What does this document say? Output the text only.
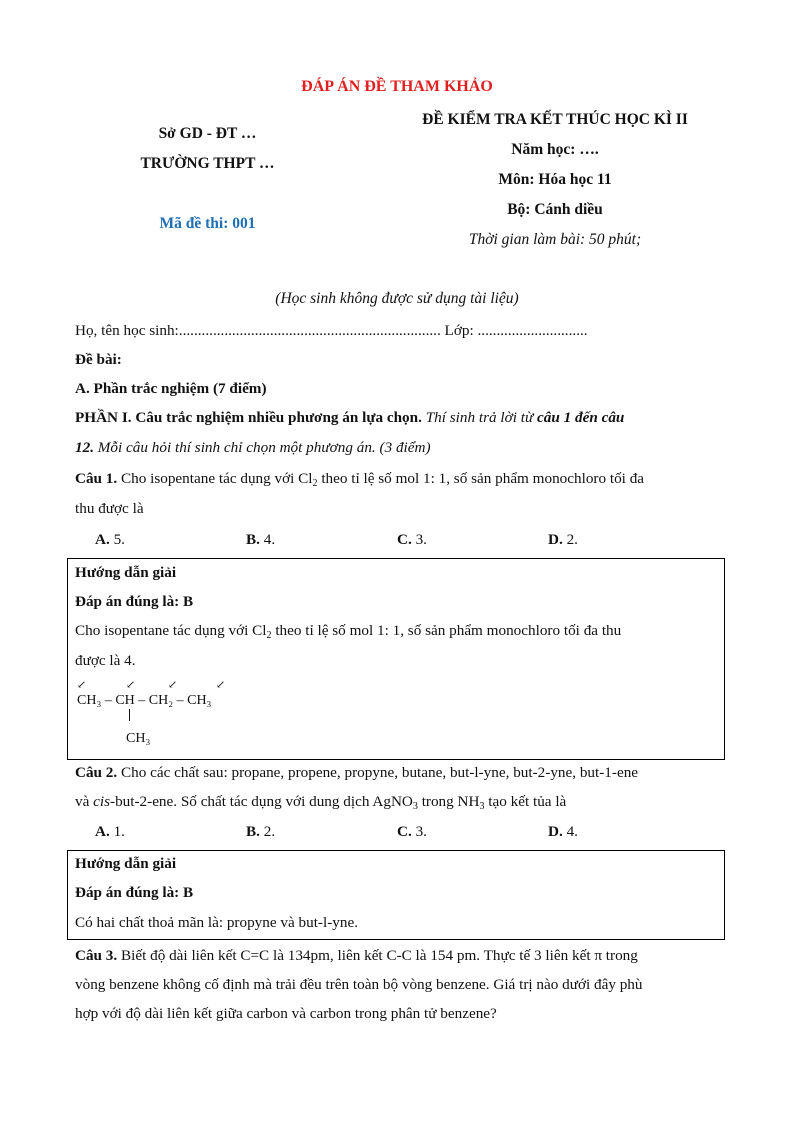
ĐÁP ÁN ĐỀ THAM KHẢO
Sở GD - ĐT …
TRƯỜNG THPT …
Mã đề thi: 001
ĐỀ KIỂM TRA KẾT THÚC HỌC KÌ II
Năm học: ….
Môn: Hóa học 11
Bộ: Cánh diều
Thời gian làm bài: 50 phút;
(Học sinh không được sử dụng tài liệu)
Họ, tên học sinh:..................................................................... Lớp: .............................
Đề bài:
A. Phần trắc nghiệm (7 điểm)
PHẦN I. Câu trắc nghiệm nhiều phương án lựa chọn. Thí sinh trả lời từ câu 1 đến câu
12. Mỗi câu hỏi thí sinh chỉ chọn một phương án. (3 điểm)
Câu 1. Cho isopentane tác dụng với $Cl_2$ theo tỉ lệ số mol 1: 1, số sản phẩm monochloro tối đa
thu được là
A. 5.	B. 4.	C. 3.	D. 2.
Hướng dẫn giải
Đáp án đúng là: B
Cho isopentane tác dụng với $Cl_2$ theo tỉ lệ số mol 1: 1, số sản phẩm monochloro tối đa thu
được là 4.
↙	↙	↙	↙
CH₃ – CH – CH₂ – CH₃
CH₃
Câu 2. Cho các chất sau: propane, propene, propyne, butane, but-l-yne, but-2-yne, but-1-ene
và cis-but-2-ene. Số chất tác dụng với dung dịch AgNO$_3$ trong $NH_3$ tạo kết tủa là
A. 1.	B. 2.	C. 3.	D. 4.
Hướng dẫn giải
Đáp án đúng là: B
Có hai chất thoả mãn là: propyne và but-l-yne.
Câu 3. Biết độ dài liên kết C=C là 134pm, liên kết C-C là 154 pm. Thực tế 3 liên kết π trong
vòng benzene không cố định mà trải đều trên toàn bộ vòng benzene. Giá trị nào dưới đây phù
hợp với độ dài liên kết giữa carbon và carbon trong phân tử benzene?
